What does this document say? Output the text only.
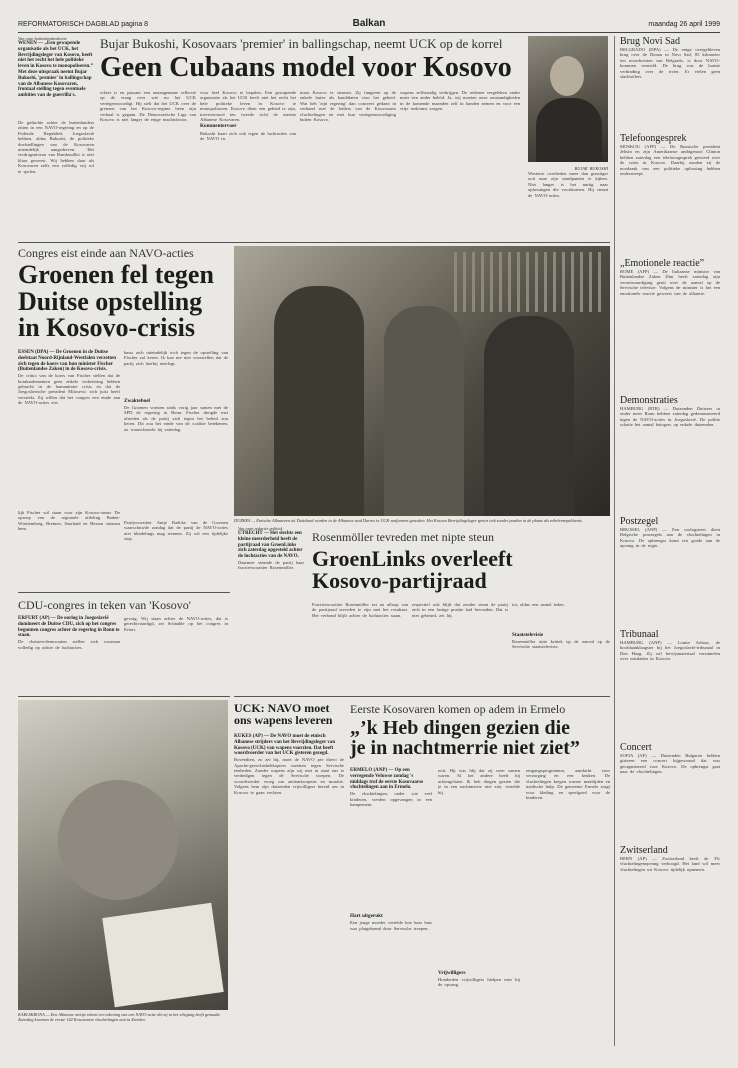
REFORMATORISCH DAGBLAD pagina 8	Balkan	maandag 26 april 1999
Van onze buitenlandredactie
WENEN — „Een gewapende organisatie als het UCK, het Bevrijdingsleger van Kosovo, heeft niet het recht het hele politieke leven in Kosovo te monopoliseren.” Met deze uitspraak neemt Bujar Bukoshi, 'premier' in ballingschap van de Albanese Kosovaren, frontaal stelling tegen eventuele ambities van de guerrilla's.
De gedachte achter de buitenlanders zitten in een NAVO-regering en op de Federale Republiek Joegoslavië hebben, aldus Bukoshi, de politieke doelstellingen van de Kosovaren uiteindelijk aangedreven. Het verdragsniveau van Rambouillet is niet klaar geweest. Wij hebben daar als Kosovaren zelfs een volledig vrij rol te spelen.
Bujar Bukoshi, Kosovaars 'premier' in ballingschap, neemt UCK op de korrel
Geen Cubaans model voor Kosovo
echter is en passant een onaangename reflectie op de vraag over wie nu het UCK vertegenwoordigt. Hij stelt dat het UCK over de grenzen van het Kosovo-regime heen zijn verhaal is gegaan. De Democratische Liga van Kosovo is niet langer de enige machtsfactor.
voor heel Kosovo te bepalen. Een gewapende organisatie als het UCK heeft niet het recht het hele politieke leven in Kosovo te monopoliseren. Kosovo dient een gebied te zijn, toevertrouwd ten tweede richt de meeste Albanese Kosovaren.
Kommentervoer
Bukoshi kaart zich ook tegen de luchtacties van de NAVO in.
maar Kosovo te steunen. Zij fungeren op de enkele huize als kandidaten voor het gebied. Wat heb 'zijn regering' dan concreet gedaan in verband met de leiders van de Kosovaarse vluchtelingen en met hun vertegenwoordiging buiten Kosovo.
wapens zelfstandig verkrijgen. De redenen vergeleken onder meer een ander beleid. Ja, wij moeten onze omstandigheden in de komende maanden zelf in handen nemen en voor een vrije toekomst zorgen.
BUJAR BUKOSHI
Westerse overheden meer dan gunstiger ooit naar zijn standpunten te kijken. Niet langer is het nuttig naar oplossingen die voortkomen. Hij steunt de NAVO-acties.
Brug Novi Sad
BELGRADO (DPA) — De enige overgebleven brug over de Donau in Novi Sad, 85 kilometer ten noordwesten van Belgrado, is door NAVO-bommen vernield. De brug was de laatste verbinding over de rivier. Er vielen geen slachtoffers.
Telefoongesprek
MOSKOU (AFP) — De Russische president Jeltsin en zijn Amerikaanse ambtgenoot Clinton hebben zaterdag een telefoongesprek gevoerd over de crisis in Kosovo. Daarbij zouden zij de noodzaak van een politieke oplossing hebben onderstreept.
„Emotionele reactie”
ROME (AFP) — De Italiaanse minister van Buitenlandse Zaken Dini heeft zaterdag zijn verontwaardiging geuit over de aanval op de Servische televisie. Volgens de minister is het een emotionele reactie geweest van de alliantie.
Demonstraties
HAMBURG (RTR) — Duizenden Duitsers in onder meer Bonn hebben zaterdag gedemonstreerd tegen de NAVO-acties in Joegoslavië. De politie schatte het aantal betogers op enkele duizenden.
Postzegel
BRUSSEL (ANP) — Een oorlogsteen dient Belgische postzegels aan de vluchtelingen in Kosovo. De opbrengst komt ten goede aan de opvang in de regio.
Tribunaal
HAMBURG (ANP) — Louise Arbour, de hoofdaanklaagster bij het Joegoslavië-tribunaal in Den Haag. Zij wil bewijsmateriaal verzamelen over misdaden in Kosovo.
Concert
SOFIA (AP) — Duizenden Bulgaren hebben gisteren een concert bijgewoond dat was georganiseerd voor Kosovo. De opbrengst gaat naar de vluchtelingen.
Zwitserland
BERN (AP) — Zwitserland heeft de 3% vluchtelingenopvang verhoogd. Het land wil meer vluchtelingen uit Kosovo tijdelijk opnemen.
Congres eist einde aan NAVO-acties
Groenen fel tegen
Duitse opstelling
in Kosovo-crisis
ESSEN (DPA) — De Groenen in de Duitse deelstaat Noord-Rijnland-Westfalen verzetten zich tegen de koers van hun minister Fischer (Buitenlandse Zaken) in de Kosovo-crisis.
De critici van de koers van Fischer stellen dat de bombardementen geen enkele verbetering hebben gebracht in de humanitaire crisis en dat de Joegoslavische president Milosevic zich juist heeft versterkt. Zij willen dat het congres een einde aan de NAVO-acties eist.
basis zich uiteindelijk toch tegen de opstelling van Fischer zal keren. Ik kan me niet voorstellen dat de partij zich hierbij neerlegt.
Zwakteboel
De Groenen vormen sinds vorig jaar samen met de SPD de regering in Bonn. Fischer dreigde met aftreden als de partij zich tegen het beleid zou keren. Dit zou het einde van de coalitie betekenen, zo waarschuwde hij zaterdag.
DURRES — Etnische Albanezen uit Duitsland worden in de Albanese stad Durres in UCK-uniformen gestoken. Het Kosova Bevrijdingsleger speurt ook zonder pardon in de plaats als rebelenrepubhenis.
lijk Fischer wil staan voor zijn Kosovo-steun. De oproep van de regionale afdeling Baden-Württemberg, Bremen, Saarland en Hessen steunen hem.
Partijvoorzitter Antje Radcke van de Groenen waarschuwde zondag dat de partij de NAVO-acties niet blindelings mag steunen. Zij wil een tijdelijke stop.
CDU-congres in teken van 'Kosovo'
ERFURT (AP) — De oorlog in Joegoslavië domineert de Duitse CDU, zich op het congres begonnen congres achter de regering in Bonn te staan.
De christen-democraten stellen zich voortaan volledig op achter de luchtacties.
gevoig. Wij staan achter de NAVO-acties, dat is gerechtvaardigd, zei Schäuble op het congres in Erfurt.
Van onze redactie politiek
UTRECHT — Het slechts een kleine meerderheid heeft de partijraad van GroenLinks zich zaterdag opgesteld achter de luchtacties van de NAVO.
Daarmee steunde de partij haar fractievoorzitter Rosenmöller.
Rosenmöller tevreden met nipte steun
GroenLinks overleeft
Kosovo-partijraad
Fractievoorzitter Rosenmöller zei na afloop van de partijraad tevreden te zijn met het resultaat. Het verbond blijft achter de luchtacties staan.
respectief ook blijft dat zonder steun de partij zich in een lastige positie had bevonden. Dat is niet gebeurd, zei hij.
tot, aldus een aantal leden.
Staatstelevisie
Rosenmöller uitte kritiek op de aanval op de Servische staatstelevisie.
UCK: NAVO moet ons wapens leveren
KUKES (AP) — De NAVO moet de etnisch Albanese strijders van het Bevrijdingsleger van Kosovo (UCK) van wapens voorzien. Dat heeft woordvoerder van het UCK gisteren gezegd.
Bovendien, zo zei hij, moet de NAVO per direct de Apache-gevechtshelikopters inzetten tegen Servische eenheden. Zonder wapens zijn wij niet in staat ons te verdedigen tegen de Servische troepen. De woordvoerder vroeg om antitankwapens en munitie. Volgens hem zijn duizenden vrijwilligers bereid om in Kosovo te gaan vechten.
KARLSKRONA — Een Albanese meisje tekent een tekening van een NAVO-actie die zij in het vliegtuig heeft gemaakt. Zaterdag kwamen de eerste 142 Kosovaarse vluchtelingen aan in Zweden.
Eerste Kosovaren komen op adem in Ermelo
„’k Heb dingen gezien die
je in nachtmerrie niet ziet”
ERMELO (ANP) — Op een verregende Veluwse zondag 's middags trof de eerste Kosovaarse vluchtelingen aan in Ermelo.
De vluchtelingen, onder wie veel kinderen, werden opgevangen in een kampement.
Hart uitgerukt
Een jonge moeder vertelde hoe haar huis was platgebrand door Servische troepen.
ooit. Hij was blij dat zij weer samen waren. Al het andere heeft hij achtergelaten. Ik heb dingen gezien die je in een nachtmerrie niet ziet, vertelde hij.
Vrijwilligers
Honderden vrijwilligers hielpen mee bij de opvang.
omgangsprogramma, aandacht voor verzorging en een keuken. De vluchtelingen kregen warme maaltijden en medische hulp. De gemeente Ermelo zorgt voor kleding en speelgoed voor de kinderen.
